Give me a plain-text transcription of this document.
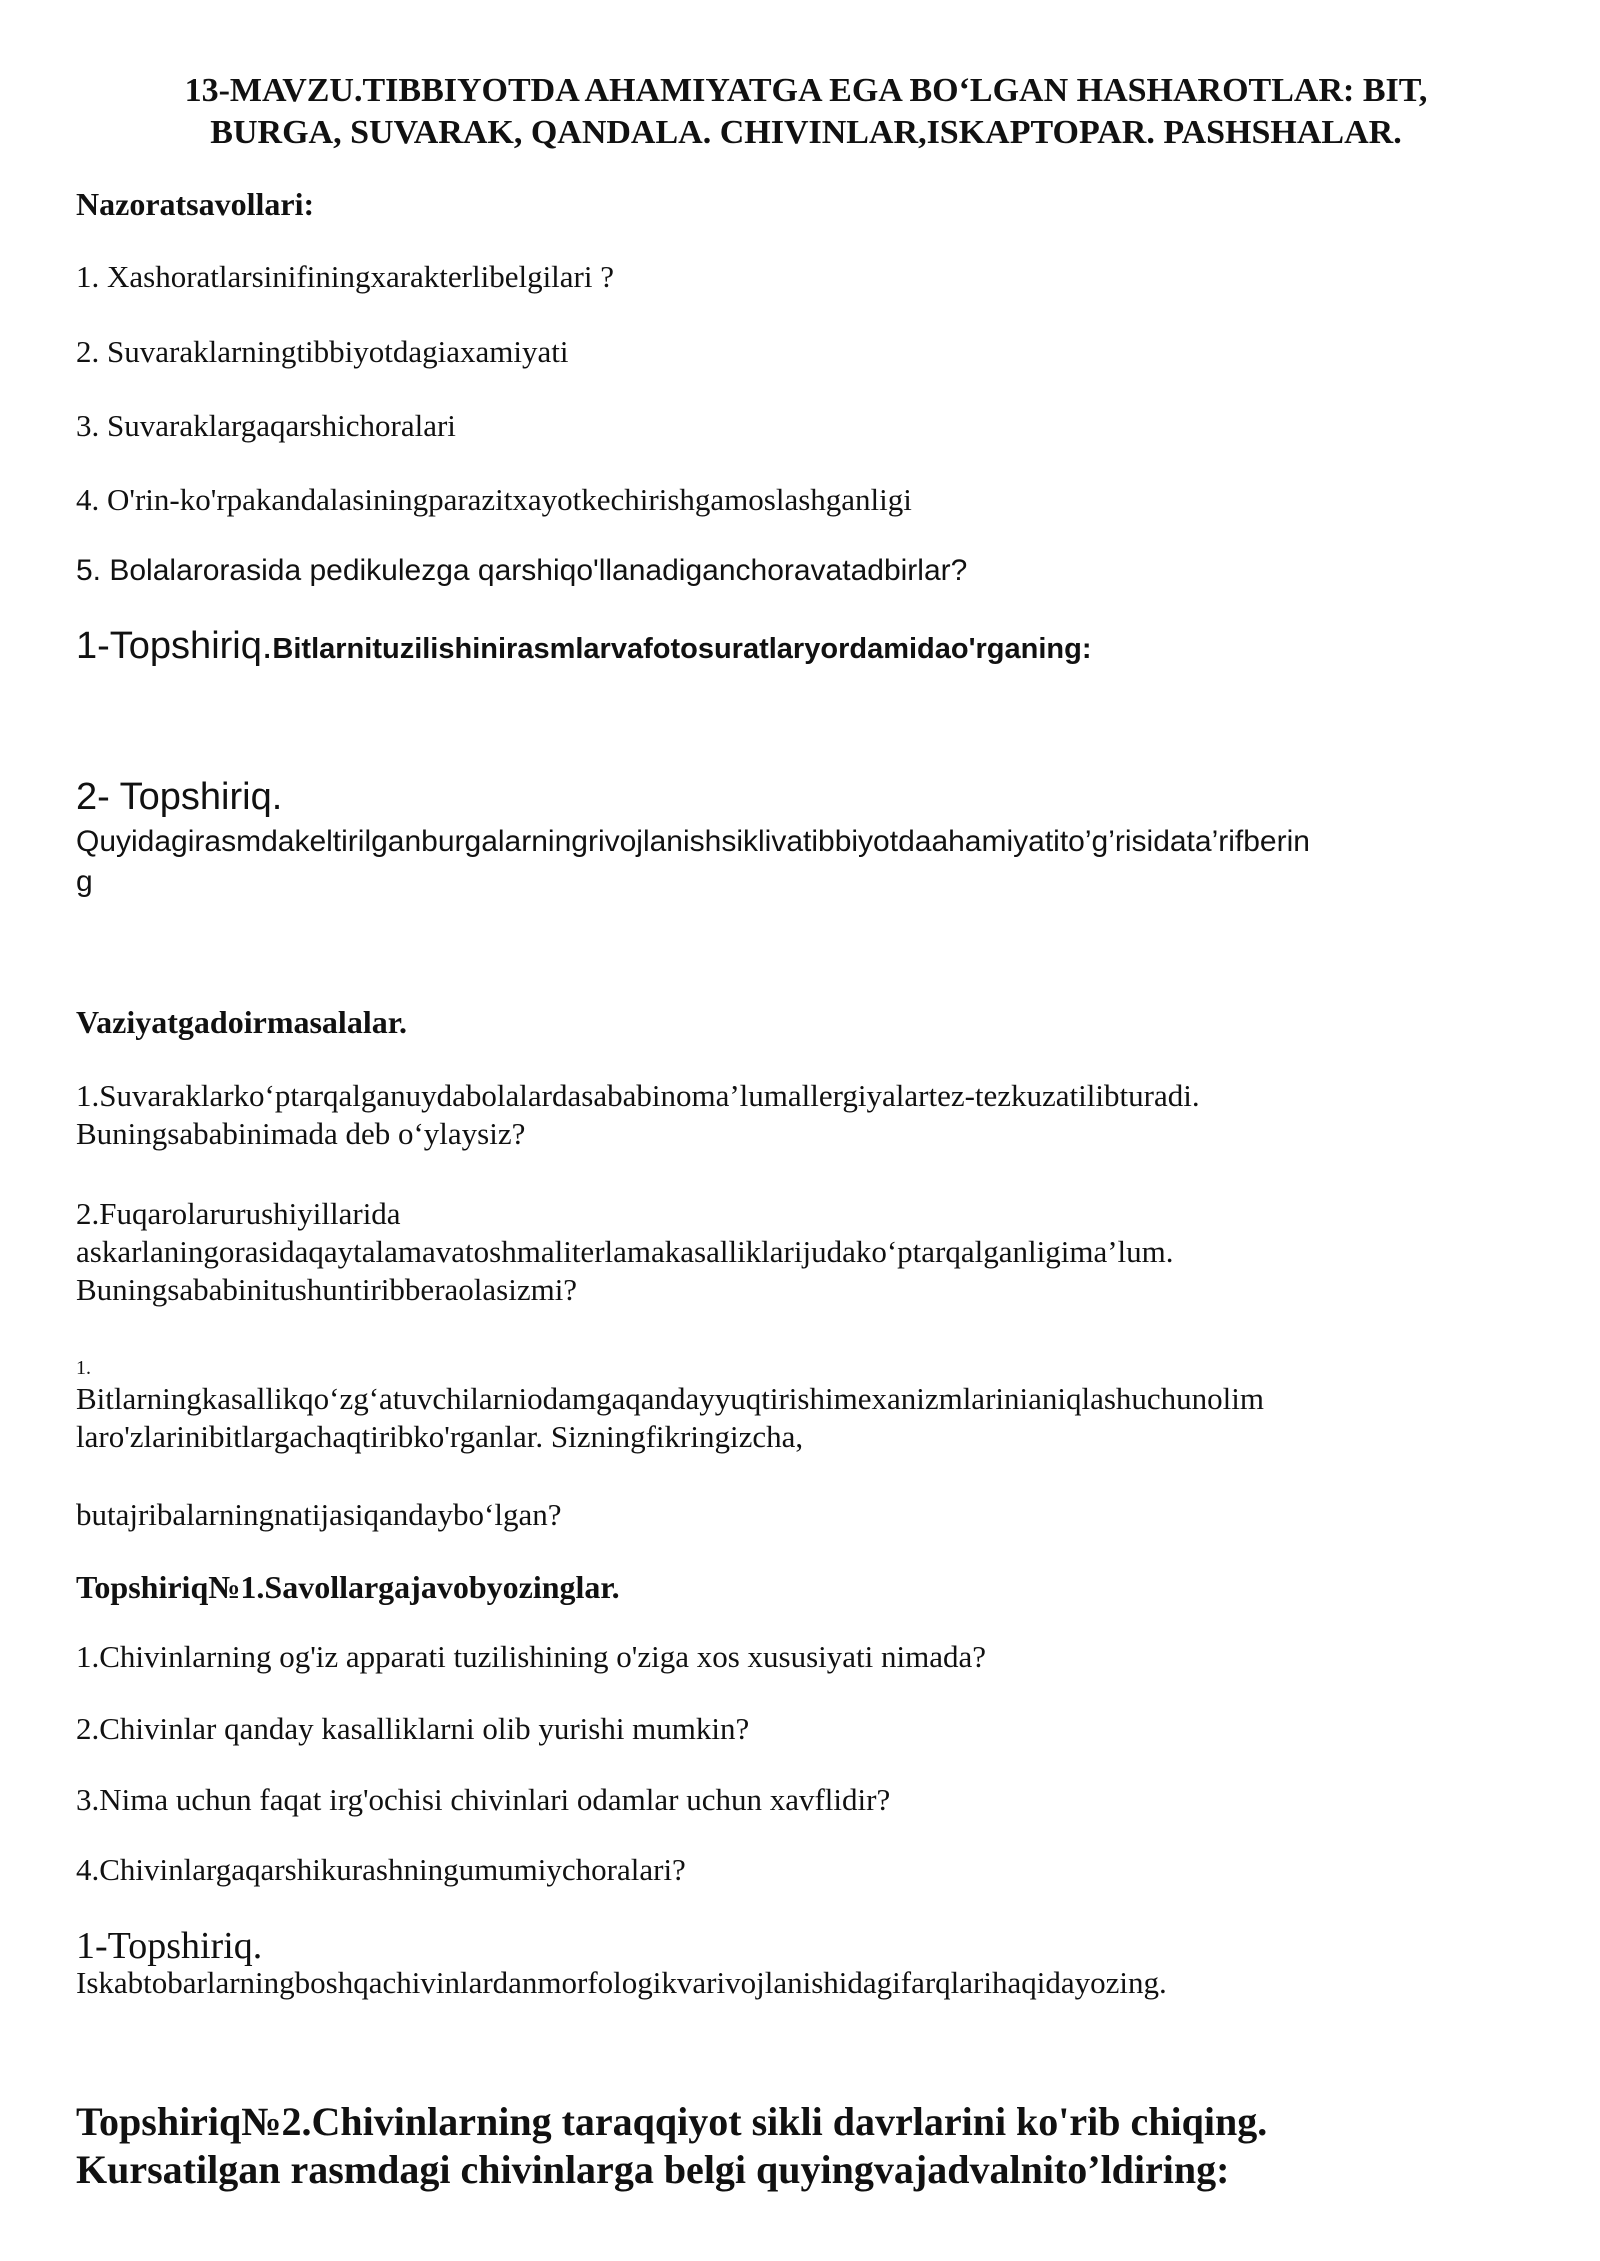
13-MAVZU.TIBBIYOTDA AHAMIYATGA EGA BO‘LGAN HASHAROTLAR: BIT,
BURGA, SUVARAK, QANDALA. CHIVINLAR,ISKAPTOPAR. PASHSHALAR.
Nazoratsavollari:
1. Xashoratlarsinifiningxarakterlibelgilari ?
2. Suvaraklarningtibbiyotdagiaxamiyati
3. Suvaraklargaqarshichoralari
4. O'rin-ko'rpakandalasiningparazitxayotkechirishgamoslashganligi
5. Bolalarorasida pedikulezga qarshiqo'llanadiganchoravatadbirlar?
1-Topshiriq.Bitlarnituzilishinirasmlarvafotosuratlaryordamidao'rganing:
2- Topshiriq.
Quyidagirasmdakeltirilganburgalarningrivojlanishsiklivatibbiyotdaahamiyatito’g’risidata’rifberin
g
Vaziyatgadoirmasalalar.
1.Suvaraklarko‘ptarqalganuydabolalardasababinoma’lumallergiyalartez-tezkuzatilibturadi.
Buningsababinimada deb o‘ylaysiz?
2.Fuqarolarurushiyillarida
askarlaningorasidaqaytalamavatoshmaliterlamakasalliklarijudako‘ptarqalganligima’lum.
Buningsababinitushuntiribberaolasizmi?
1.
Bitlarningkasallikqo‘zg‘atuvchilarniodamgaqandayyuqtirishimexanizmlarinianiqlashuchunolim
laro'zlarinibitlargachaqtiribko'rganlar. Sizningfikringizcha,
butajribalarningnatijasiqandaybo‘lgan?
Topshiriq№1.Savollargajavobyozinglar.
1.Chivinlarning og'iz apparati tuzilishining o'ziga xos xususiyati nimada?
2.Chivinlar qanday kasalliklarni olib yurishi mumkin?
3.Nima uchun faqat irg'ochisi chivinlari odamlar uchun xavflidir?
4.Chivinlargaqarshikurashningumumiychoralari?
1-Topshiriq.
Iskabtobarlarningboshqachivinlardanmorfologikvarivojlanishidagifarqlarihaqidayozing.
Topshiriq№2.Chivinlarning taraqqiyot sikli davrlarini ko'rib chiqing.
Kursatilgan rasmdagi chivinlarga belgi quyingvajadvalnito’ldiring:
